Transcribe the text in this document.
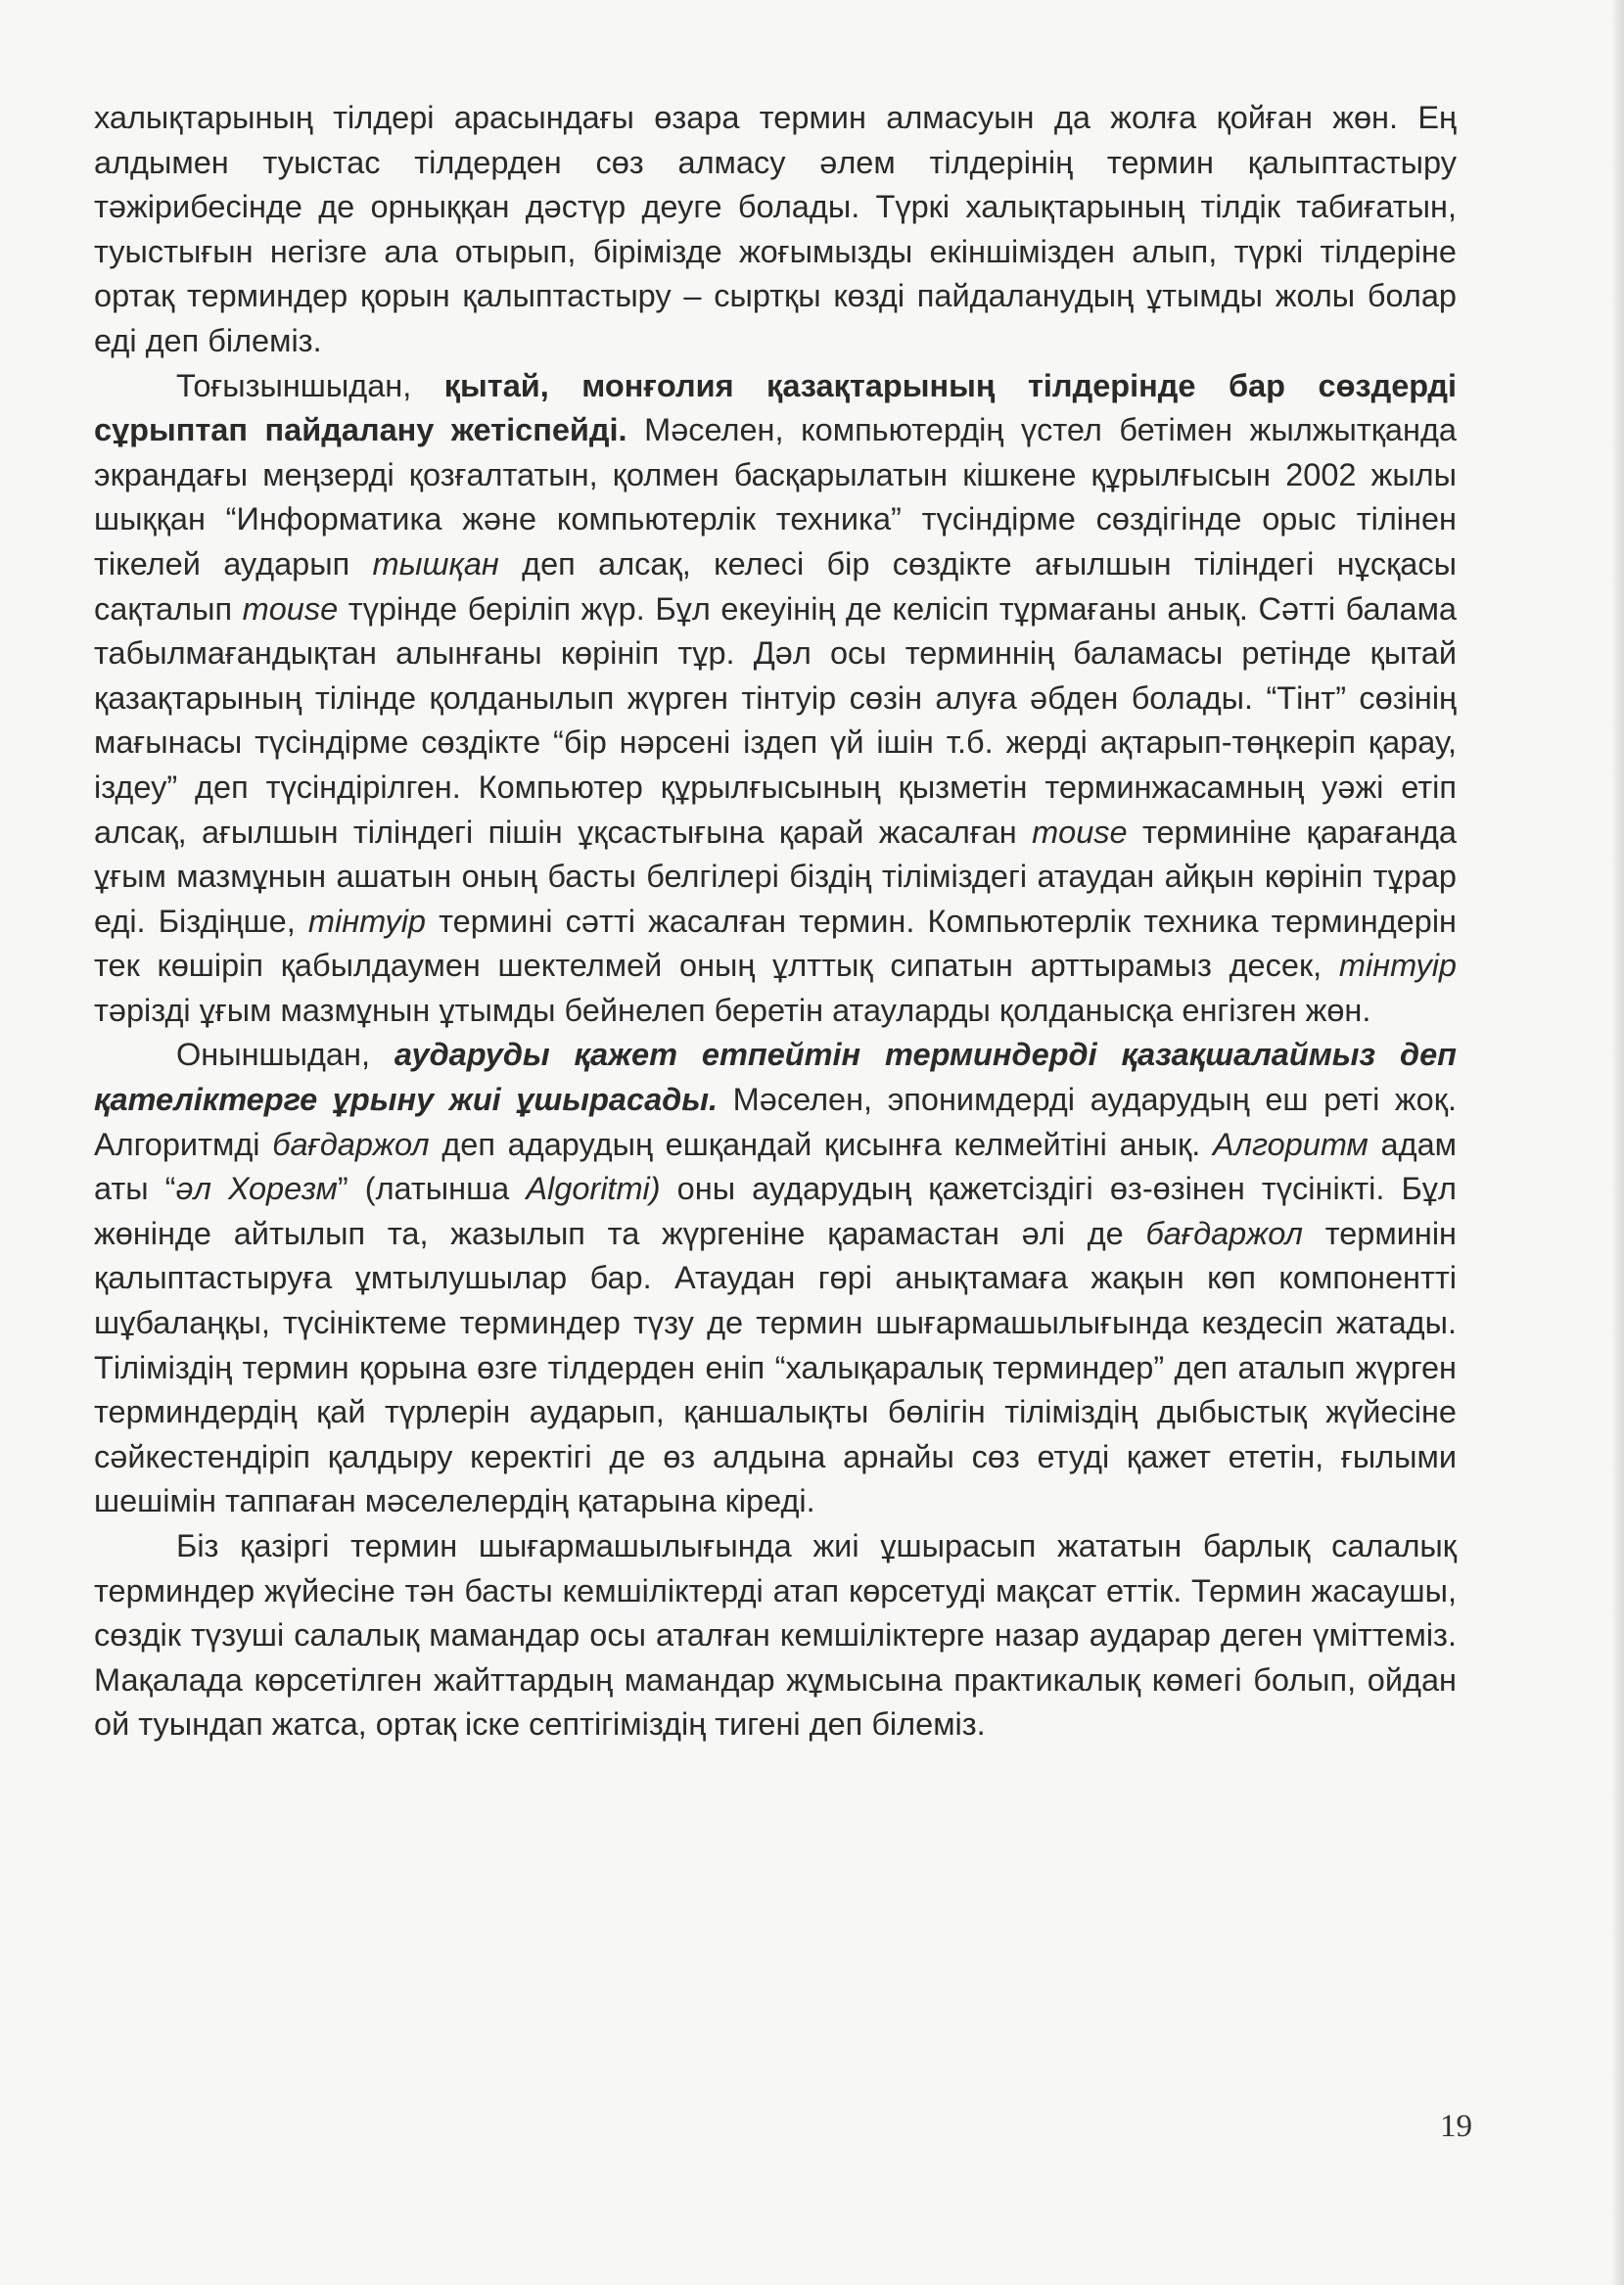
халықтарының тілдері арасындағы өзара термин алмасуын да жолға қойған жөн. Ең алдымен туыстас тілдерден сөз алмасу әлем тілдерінің термин қалыптастыру тәжірибесінде де орныққан дәстүр деуге болады. Түркі халықтарының тілдік табиғатын, туыстығын негізге ала отырып, бірімізде жоғымызды екіншімізден алып, түркі тілдеріне ортақ терминдер қорын қалыптастыру – сыртқы көзді пайдаланудың ұтымды жолы болар еді деп білеміз.

Тоғызыншыдан, қытай, монғолия қазақтарының тілдерінде бар сөздерді сұрыптап пайдалану жетіспейді. Мәселен, компьютердің үстел бетімен жылжытқанда экрандағы меңзерді қозғалтатын, қолмен басқарылатын кішкене құрылғысын 2002 жылы шыққан “Информатика және компьютерлік техника” түсіндірме сөздігінде орыс тілінен тікелей аударып тышқан деп алсақ, келесі бір сөздікте ағылшын тіліндегі нұсқасы сақталып mouse түрінде беріліп жүр. Бұл екеуінің де келісіп тұрмағаны анық. Сәтті балама табылмағандықтан алынғаны көрініп тұр. Дәл осы терминнің баламасы ретінде қытай қазақтарының тілінде қолданылып жүрген тінтуір сөзін алуға әбден болады. “Тінт” сөзінің мағынасы түсіндірме сөздікте “бір нәрсені іздеп үй ішін т.б. жерді ақтарып-төңкеріп қарау, іздеу” деп түсіндірілген. Компьютер құрылғысының қызметін терминжасамның уәжі етіп алсақ, ағылшын тіліндегі пішін ұқсастығына қарай жасалған mouse терминіне қарағанда ұғым мазмұнын ашатын оның басты белгілері біздің тіліміздегі атаудан айқын көрініп тұрар еді. Біздіңше, тінтуір термині сәтті жасалған термин. Компьютерлік техника терминдерін тек көшіріп қабылдаумен шектелмей оның ұлттық сипатын арттырамыз десек, тінтуір тәрізді ұғым мазмұнын ұтымды бейнелеп беретін атауларды қолданысқа енгізген жөн.

Оныншыдан, аударуды қажет етпейтін терминдерді қазақшалаймыз деп қателіктерге ұрыну жиі ұшырасады. Мәселен, эпонимдерді аударудың еш реті жоқ. Алгоритмді бағдаржол деп адарудың ешқандай қисынға келмейтіні анық. Алгоритм адам аты “әл Хорезм” (латынша Algoritmi) оны аударудың қажетсіздігі өз-өзінен түсінікті. Бұл жөнінде айтылып та, жазылып та жүргеніне қарамастан әлі де бағдаржол терминін қалыптастыруға ұмтылушылар бар. Атаудан гөрі анықтамаға жақын көп компонентті шұбалаңқы, түсініктеме терминдер түзу де термин шығармашылығында кездесіп жатады. Тіліміздің термин қорына өзге тілдерден еніп “халықаралық терминдер” деп аталып жүрген терминдердің қай түрлерін аударып, қаншалықты бөлігін тіліміздің дыбыстық жүйесіне сәйкестендіріп қалдыру керектігі де өз алдына арнайы сөз етуді қажет ететін, ғылыми шешімін таппаған мәселелердің қатарына кіреді.

Біз қазіргі термин шығармашылығында жиі ұшырасып жататын барлық салалық терминдер жүйесіне тән басты кемшіліктерді атап көрсетуді мақсат еттік. Термин жасаушы, сөздік түзуші салалық мамандар осы аталған кемшіліктерге назар аударар деген үміттеміз. Мақалада көрсетілген жайттардың мамандар жұмысына практикалық көмегі болып, ойдан ой туындап жатса, ортақ іске септігіміздің тигені деп білеміз.

19
